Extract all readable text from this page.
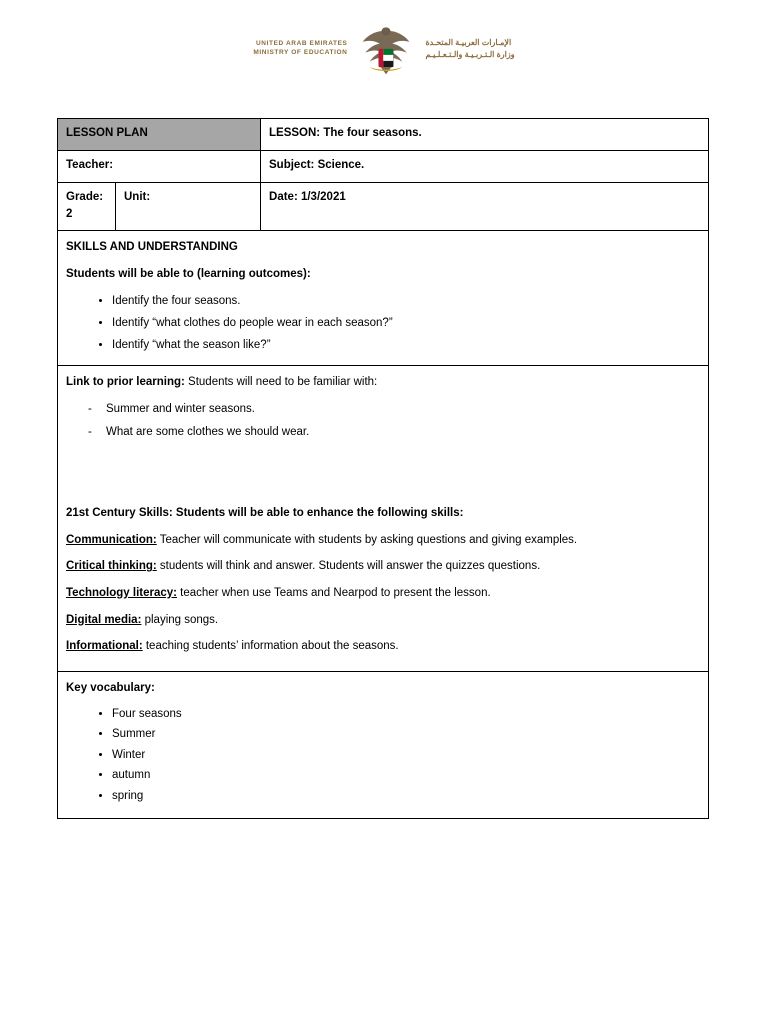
UNITED ARAB EMIRATES
MINISTRY OF EDUCATION
الإمـارات العربيـة المتحـدة
وزارة الـتـربـيـة والـتـعـلـيـم
LESSON PLAN		LESSON: The four seasons.
Teacher:		Subject: Science.
Grade: 2	Unit:	Date: 1/3/2021

SKILLS AND UNDERSTANDING

Students will be able to (learning outcomes):

• Identify the four seasons.
• Identify “what clothes do people wear in each season?”
• Identify “what the season like?”

Link to prior learning: Students will need to be familiar with:

- Summer and winter seasons.
- What are some clothes we should wear.

21st Century Skills: Students will be able to enhance the following skills:

Communication: Teacher will communicate with students by asking questions and giving examples.

Critical thinking: students will think and answer. Students will answer the quizzes questions.

Technology literacy: teacher when use Teams and Nearpod to present the lesson.

Digital media: playing songs.

Informational: teaching students’ information about the seasons.

Key vocabulary:

• Four seasons
• Summer
• Winter
• autumn
• spring
